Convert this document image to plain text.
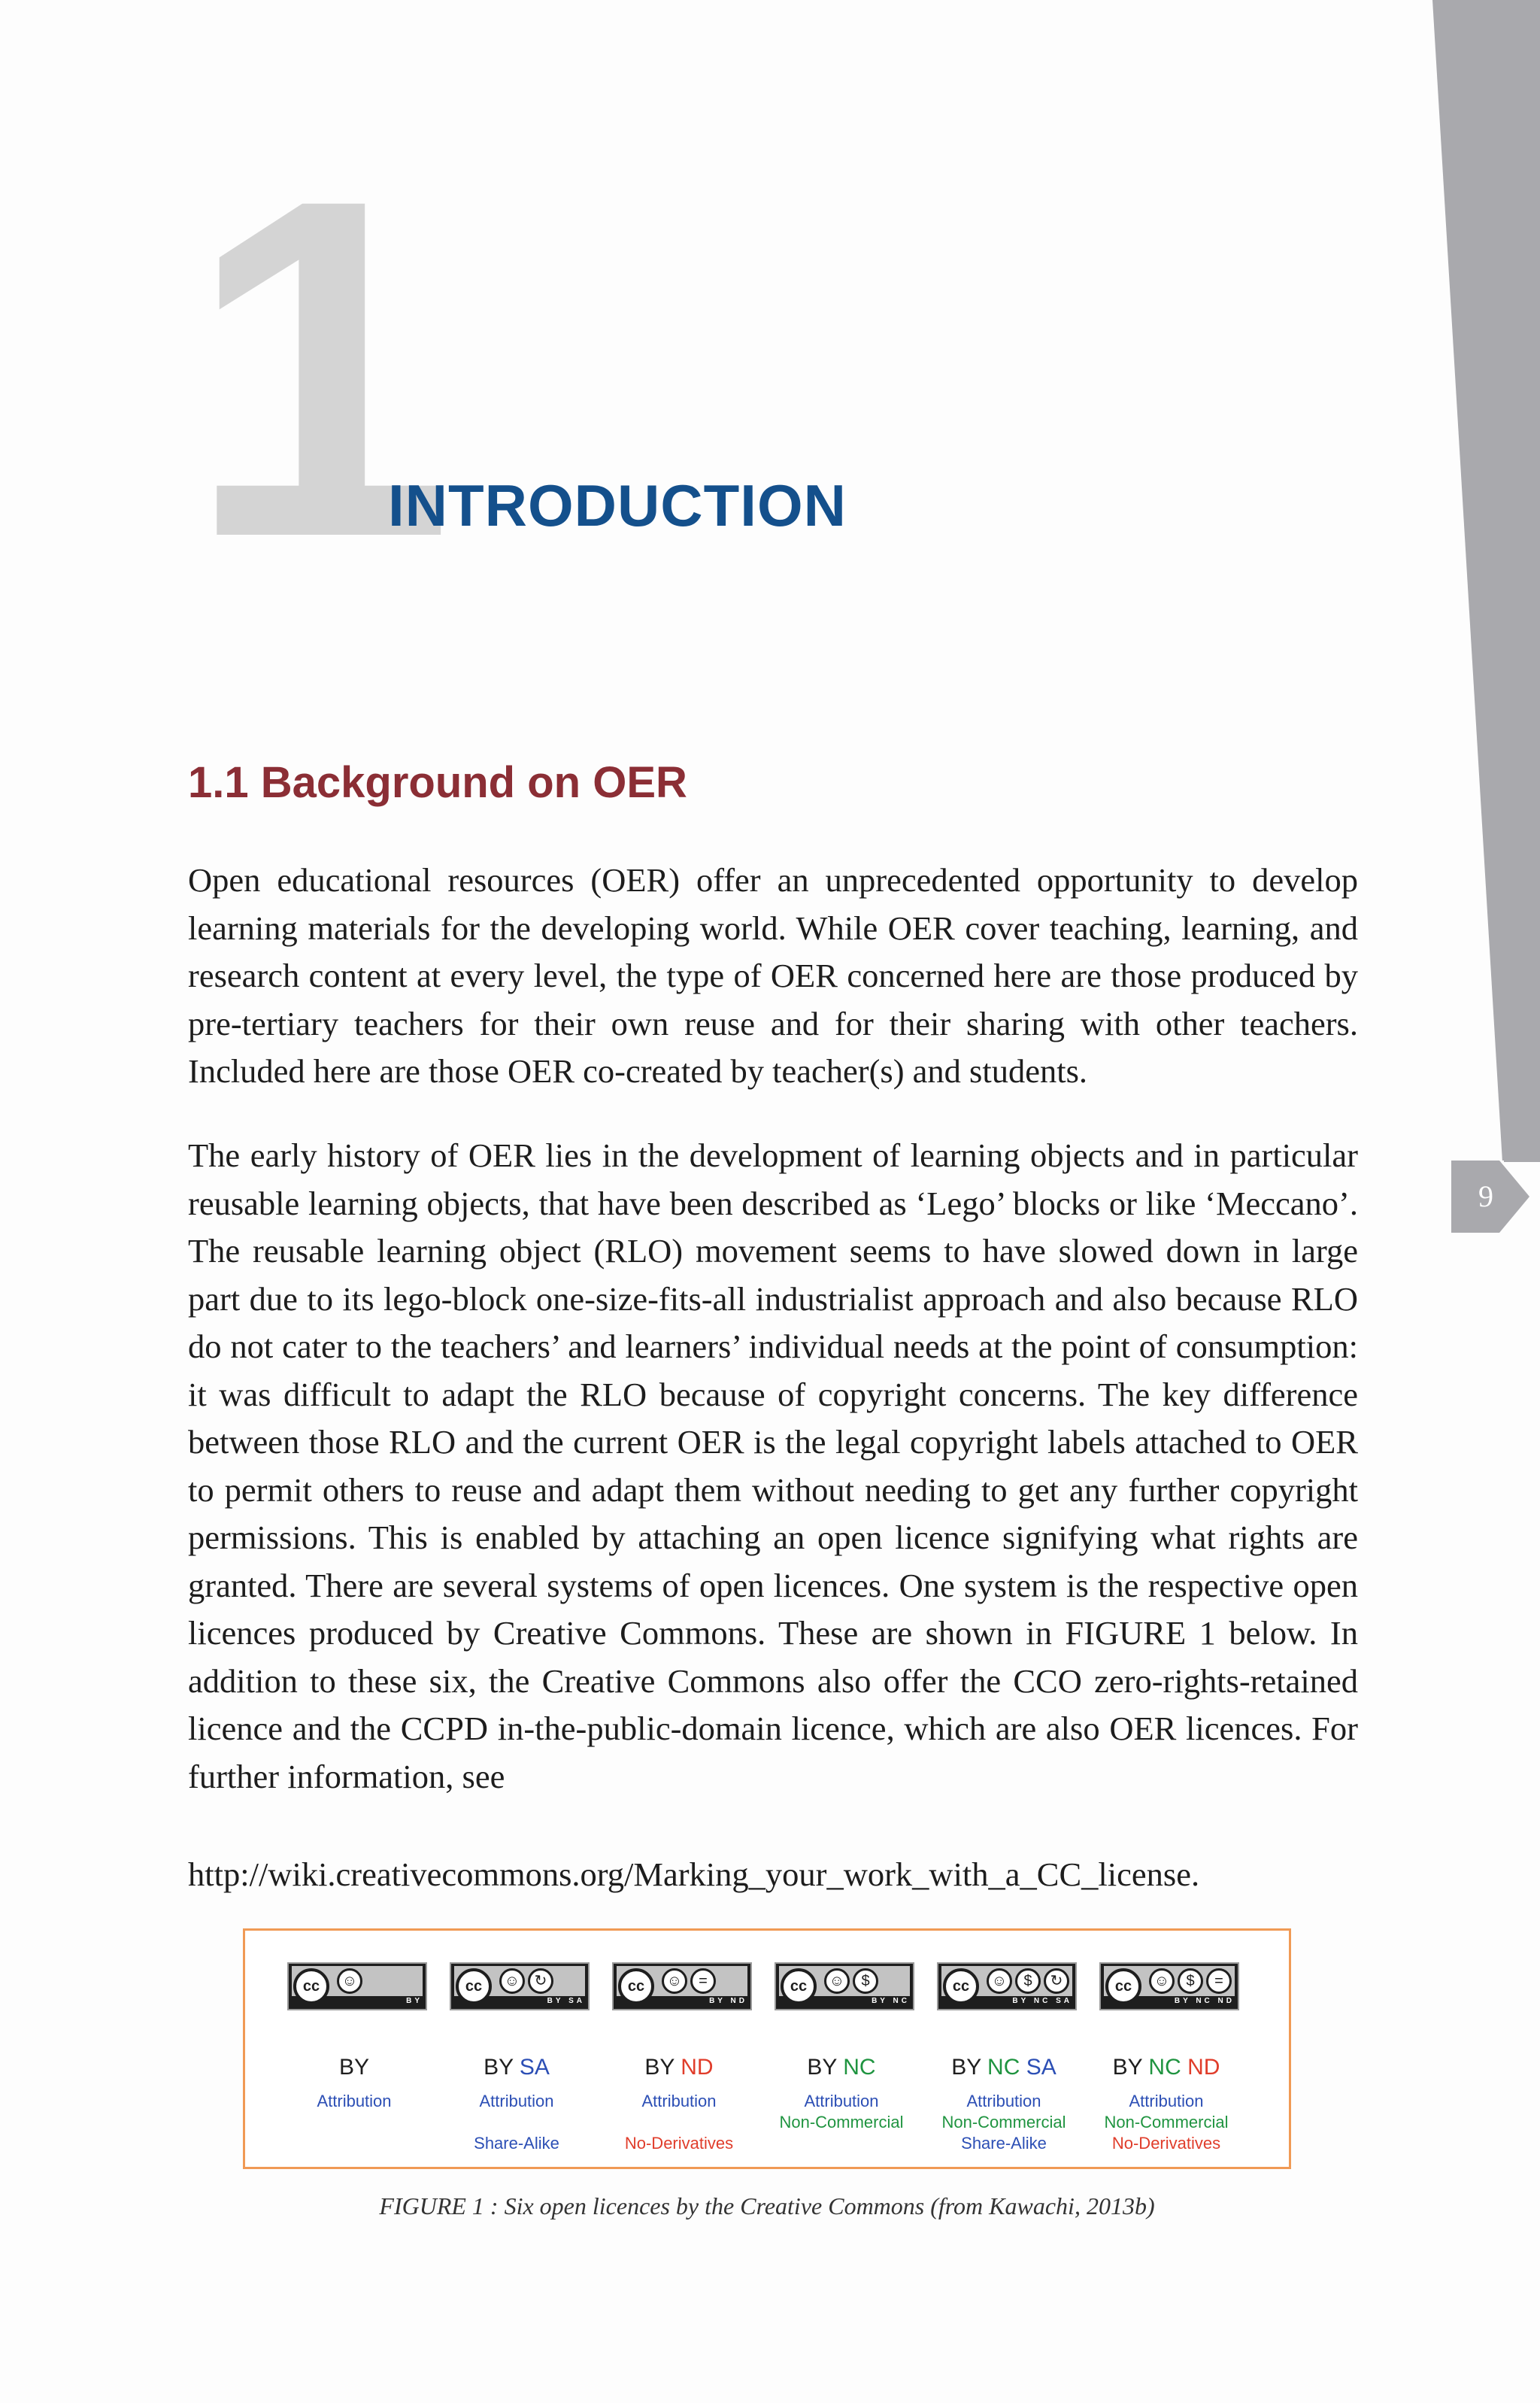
1
INTRODUCTION
1.1 Background on OER

Open educational resources (OER) offer an unprecedented opportunity to develop learning materials for the developing world. While OER cover teaching, learning, and research content at every level, the type of OER concerned here are those produced by pre-tertiary teachers for their own reuse and for their sharing with other teachers. Included here are those OER co-created by teacher(s) and students.

The early history of OER lies in the development of learning objects and in particular reusable learning objects, that have been described as ‘Lego’ blocks or like ‘Meccano’. The reusable learning object (RLO) movement seems to have slowed down in large part due to its lego-block one-size-fits-all industrialist approach and also because RLO do not cater to the teachers’ and learners’ individual needs at the point of consumption: it was difficult to adapt the RLO because of copyright concerns. The key difference between those RLO and the current OER is the legal copyright labels attached to OER to permit others to reuse and adapt them without needing to get any further copyright permissions. This is enabled by attaching an open licence signifying what rights are granted. There are several systems of open licences. One system is the respective open licences produced by Creative Commons. These are shown in FIGURE 1 below. In addition to these six, the Creative Commons also offer the CCO zero-rights-retained licence and the CCPD in-the-public-domain licence, which are also OER licences. For further information, see

http://wiki.creativecommons.org/Marking_your_work_with_a_CC_license.
9
cc	☺
BY
BY
Attribution
cc	☺ ↻
BY SA
BY SA
Attribution
Share-Alike
cc	☺	=
BY ND
BY ND
Attribution
No-Derivatives
cc	☺	$
BY NC
BY NC
Attribution
Non-Commercial
cc	☺	$	↻
BY NC SA
BY NC SA
Attribution
Non-Commercial
Share-Alike
cc	☺	$	=
BY NC ND
BY NC ND
Attribution
Non-Commercial
No-Derivatives
FIGURE 1 : Six open licences by the Creative Commons (from Kawachi, 2013b)
